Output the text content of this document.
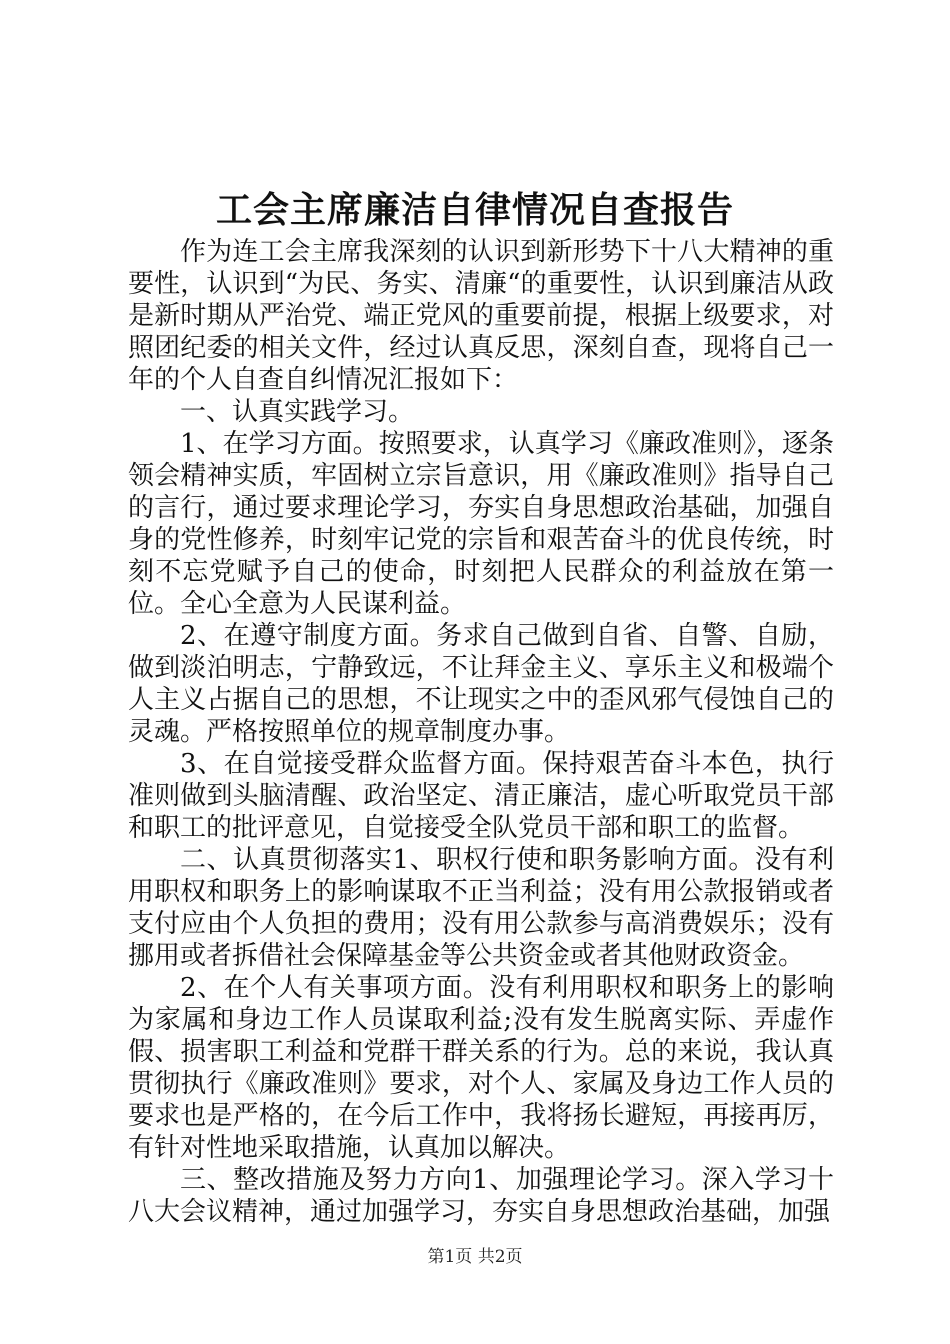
工会主席廉洁自律情况自查报告

作为连工会主席我深刻的认识到新形势下十八大精神的重要性，认识到“为民、务实、清廉“的重要性，认识到廉洁从政是新时期从严治党、端正党风的重要前提，根据上级要求，对照团纪委的相关文件，经过认真反思，深刻自查，现将自己一年的个人自查自纠情况汇报如下：

一、认真实践学习。

1、在学习方面。按照要求，认真学习《廉政准则》，逐条领会精神实质，牢固树立宗旨意识，用《廉政准则》指导自己的言行，通过要求理论学习，夯实自身思想政治基础，加强自身的党性修养，时刻牢记党的宗旨和艰苦奋斗的优良传统，时刻不忘党赋予自己的使命，时刻把人民群众的利益放在第一位。全心全意为人民谋利益。

2、在遵守制度方面。务求自己做到自省、自警、自励，做到淡泊明志，宁静致远，不让拜金主义、享乐主义和极端个人主义占据自己的思想，不让现实之中的歪风邪气侵蚀自己的灵魂。严格按照单位的规章制度办事。

3、在自觉接受群众监督方面。保持艰苦奋斗本色，执行准则做到头脑清醒、政治坚定、清正廉洁，虚心听取党员干部和职工的批评意见，自觉接受全队党员干部和职工的监督。

二、认真贯彻落实1、职权行使和职务影响方面。没有利用职权和职务上的影响谋取不正当利益；没有用公款报销或者支付应由个人负担的费用；没有用公款参与高消费娱乐；没有挪用或者拆借社会保障基金等公共资金或者其他财政资金。

2、在个人有关事项方面。没有利用职权和职务上的影响为家属和身边工作人员谋取利益;没有发生脱离实际、弄虚作假、损害职工利益和党群干群关系的行为。总的来说，我认真贯彻执行《廉政准则》要求，对个人、家属及身边工作人员的要求也是严格的，在今后工作中，我将扬长避短，再接再厉，有针对性地采取措施，认真加以解决。

三、整改措施及努力方向1、加强理论学习。深入学习十八大会议精神，通过加强学习，夯实自身思想政治基础，加强

第1页 共2页
